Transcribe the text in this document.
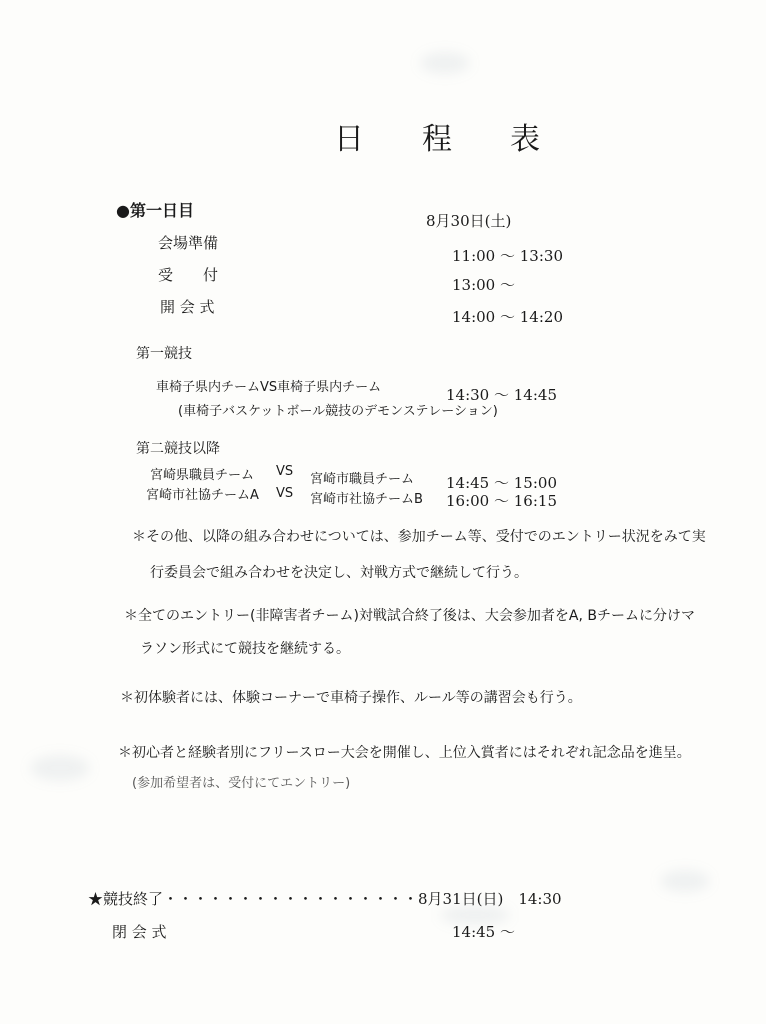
日　程　表
●第一日目
8月30日(土)
会場準備
11:00 ～ 13:30
受　　付
13:00 ～
開 会 式
14:00 ～ 14:20
第一競技
車椅子県内チームVS車椅子県内チーム	14:30 ～ 14:45
(車椅子バスケットボール競技のデモンステレーション)
第二競技以降
宮崎県職員チーム VS
宮崎市職員チーム 14:45 ～ 15:00
宮崎市社協チームA VS 宮崎市社協チームB 16:00 ～ 16:15
＊その他、以降の組み合わせについては、参加チーム等、受付でのエントリー状況をみて実
行委員会で組み合わせを決定し、対戦方式で継続して行う。
＊全てのエントリー(非障害者チーム)対戦試合終了後は、大会参加者をA, Bチームに分けマ
ラソン形式にて競技を継続する。
＊初体験者には、体験コーナーで車椅子操作、ルール等の講習会も行う。
＊初心者と経験者別にフリースロー大会を開催し、上位入賞者にはそれぞれ記念品を進呈。
(参加希望者は、受付にてエントリー)
★競技終了・・・・・・・・・・・・・・・・・8月31日(日)　14:30
閉 会 式	14:45 ～
